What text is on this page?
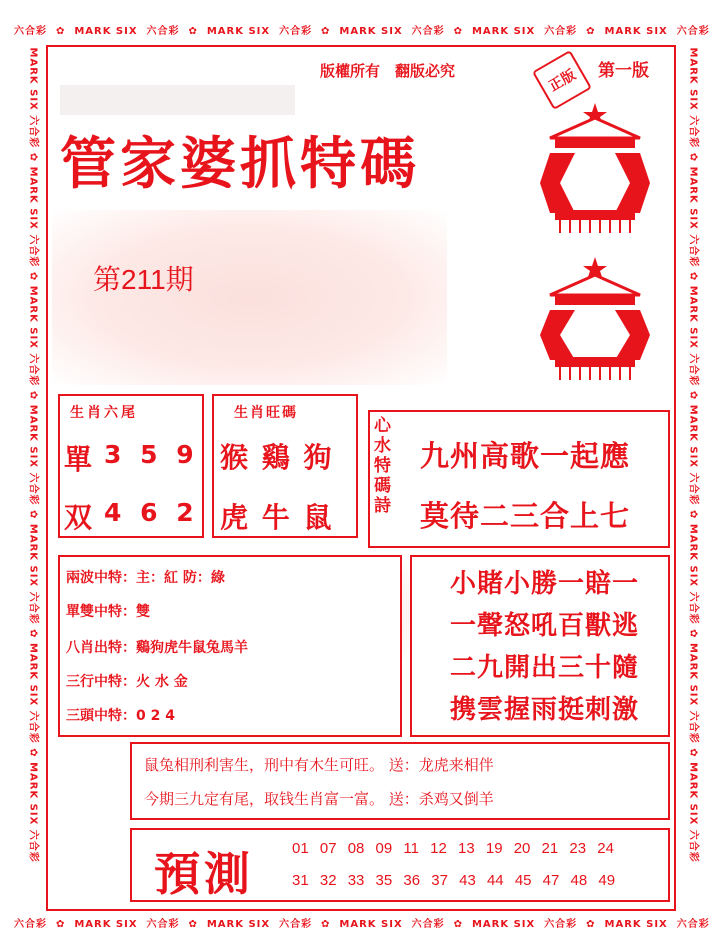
六合彩  ✿  MARK SIX 六合彩  ✿  MARK SIX 六合彩  ✿  MARK SIX 六合彩  ✿  MARK SIX 六合彩  ✿  MARK SIX 六合彩
六合彩  ✿  MARK SIX 六合彩  ✿  MARK SIX 六合彩  ✿  MARK SIX 六合彩  ✿  MARK SIX 六合彩  ✿  MARK SIX 六合彩
MARK SIX 六合彩 ✿ MARK SIX 六合彩 ✿ MARK SIX 六合彩 ✿ MARK SIX 六合彩 ✿ MARK SIX 六合彩 ✿ MARK SIX 六合彩 ✿ MARK SIX 六合彩
MARK SIX 六合彩 ✿ MARK SIX 六合彩 ✿ MARK SIX 六合彩 ✿ MARK SIX 六合彩 ✿ MARK SIX 六合彩 ✿ MARK SIX 六合彩 ✿ MARK SIX 六合彩
版權所有　翻版必究	第一版
正版
管家婆抓特碼
第211期
生肖六尾
單 3 5 9
双 4 6 2
生肖旺碼
猴 鷄 狗
虎 牛 鼠
心水特碼詩
九州高歌一起應
莫待二三合上七
兩波中特：主：紅 防：綠
單雙中特：雙
八肖出特：鷄狗虎牛鼠兔馬羊
三行中特：火 水 金
三頭中特：0 2 4
小賭小勝一賠一
一聲怒吼百獸逃
二九開出三十隨
携雲握雨挺刺激
鼠兔相刑利害生，刑中有木生可旺。 送：龙虎来相伴
今期三九定有尾，取钱生肖富一富。 送：杀鸡又倒羊
預測	01 07 08 09 11 12 13 19 20 21 23 24
31 32 33 35 36 37 43 44 45 47 48 49
